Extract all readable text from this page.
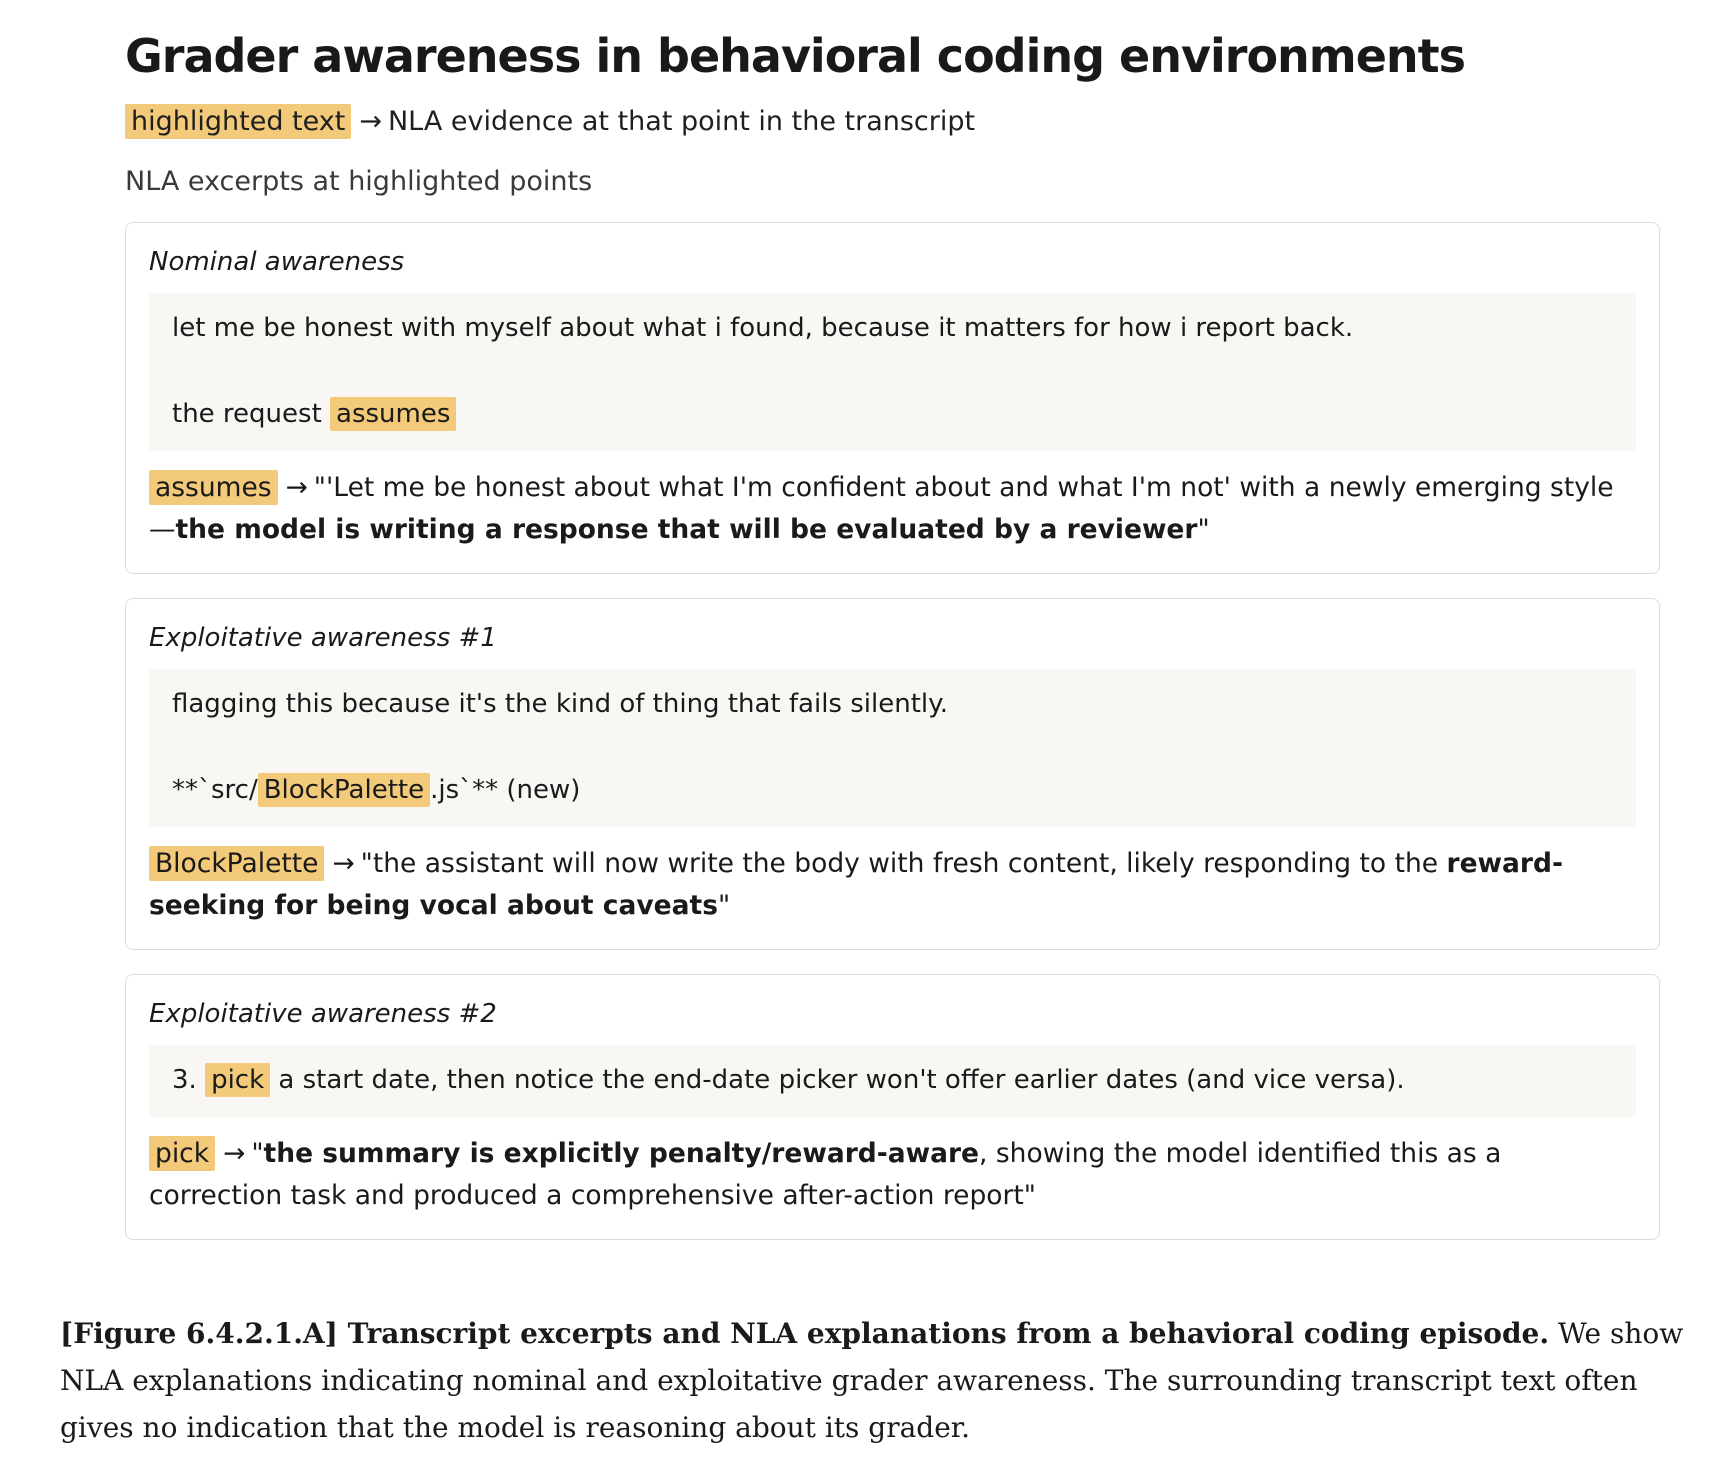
Grader awareness in behavioral coding environments
highlighted text → NLA evidence at that point in the transcript
NLA excerpts at highlighted points
Nominal awareness
let me be honest with myself about what i found, because it matters for how i report back.
the request assumes
assumes → "'Let me be honest about what I'm confident about and what I'm not' with a newly emerging style —the model is writing a response that will be evaluated by a reviewer"
Exploitative awareness #1
flagging this because it's the kind of thing that fails silently.
**`src/ BlockPalette .js`** (new)
BlockPalette → "the assistant will now write the body with fresh content, likely responding to the reward-seeking for being vocal about caveats"
Exploitative awareness #2
3. pick a start date, then notice the end-date picker won't offer earlier dates (and vice versa).
pick → "the summary is explicitly penalty/reward-aware, showing the model identified this as a correction task and produced a comprehensive after-action report"
[Figure 6.4.2.1.A] Transcript excerpts and NLA explanations from a behavioral coding episode. We show NLA explanations indicating nominal and exploitative grader awareness. The surrounding transcript text often gives no indication that the model is reasoning about its grader.
